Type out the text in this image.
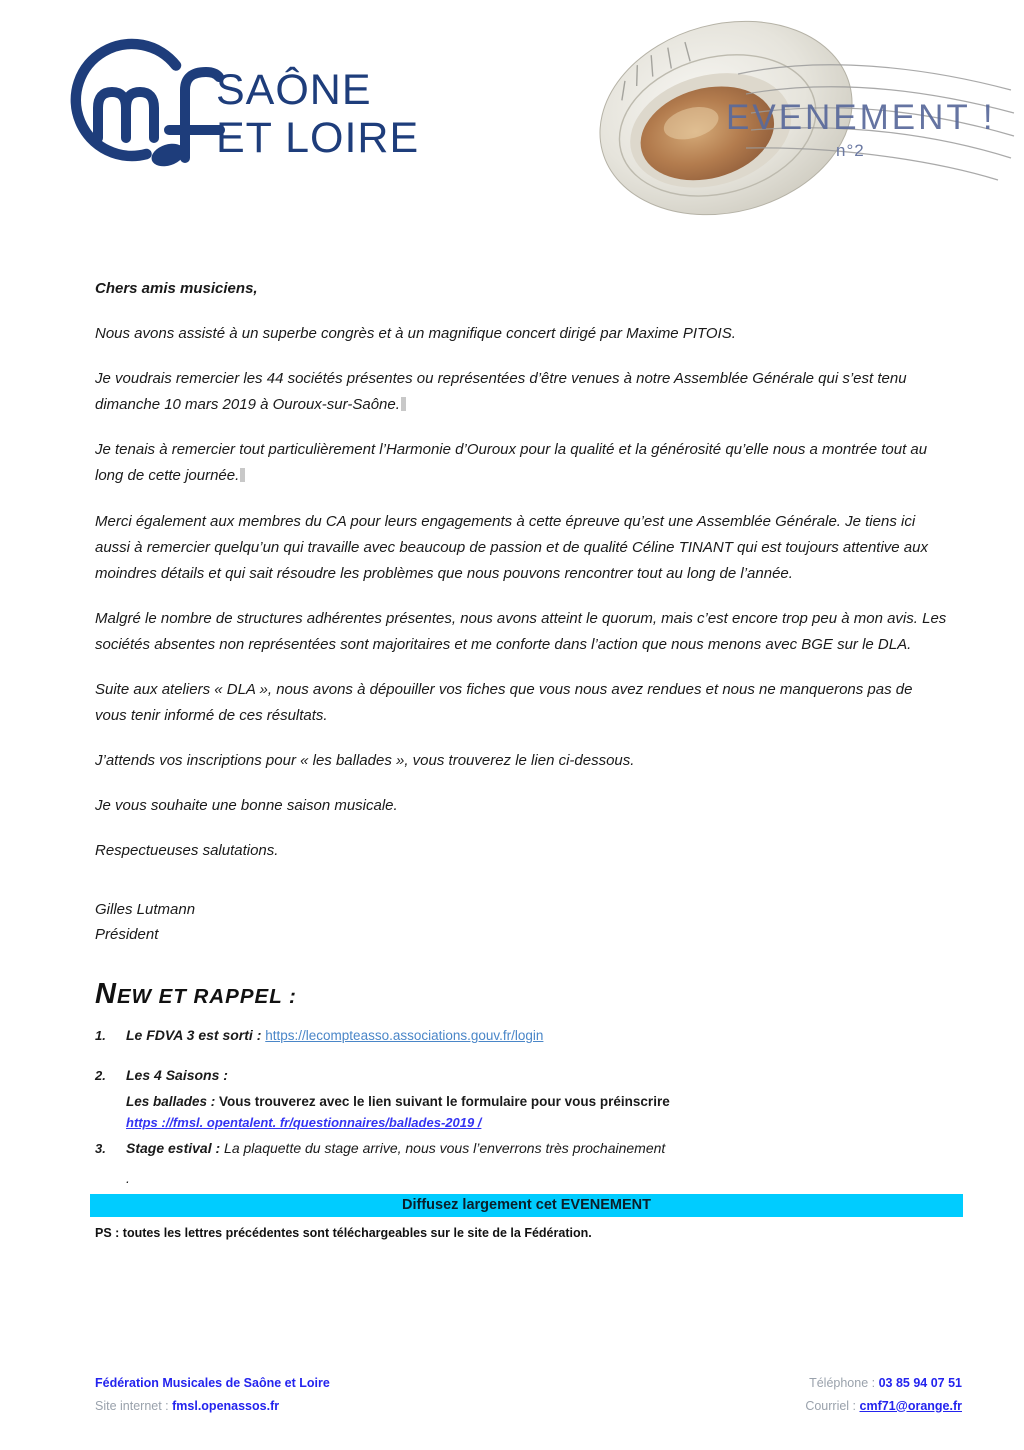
SAÔNE
ET LOIRE	EVENEMENT !
n°2

Chers amis musiciens,

Nous avons assisté à un superbe congrès et à un magnifique concert dirigé par Maxime PITOIS.

Je voudrais remercier les 44 sociétés présentes ou représentées d’être venues à notre Assemblée Générale qui s’est tenu dimanche 10 mars 2019 à Ouroux-sur-Saône.

Je tenais à remercier tout particulièrement l’Harmonie d’Ouroux pour la qualité et la générosité qu’elle nous a montrée tout au long de cette journée.

Merci également aux membres du CA pour leurs engagements à cette épreuve qu’est une Assemblée Générale. Je tiens ici aussi à remercier quelqu’un qui travaille avec beaucoup de passion et de qualité Céline TINANT qui est toujours attentive aux moindres détails et qui sait résoudre les problèmes que nous pouvons rencontrer tout au long de l’année.

Malgré le nombre de structures adhérentes présentes, nous avons atteint le quorum, mais c’est encore trop peu à mon avis. Les sociétés absentes non représentées sont majoritaires et me conforte dans l’action que nous menons avec BGE sur le DLA.

Suite aux ateliers « DLA », nous avons à dépouiller vos fiches que vous nous avez rendues et nous ne manquerons pas de vous tenir informé de ces résultats.

J’attends vos inscriptions pour « les ballades », vous trouverez le lien ci-dessous.

Je vous souhaite une bonne saison musicale.

Respectueuses salutations.

Gilles Lutmann
Président
NEW ET RAPPEL :
1.	Le FDVA 3 est sorti : https://lecompteasso.associations.gouv.fr/login
2.	Les 4 Saisons :
Les ballades : Vous trouverez avec le lien suivant le formulaire pour vous préinscrire
https ://fmsl. opentalent. fr/questionnaires/ballades-2019 /
3.	Stage estival : La plaquette du stage arrive, nous vous l’enverrons très prochainement
.
Diffusez largement cet EVENEMENT

PS : toutes les lettres précédentes sont téléchargeables sur le site de la Fédération.

Fédération Musicales de Saône et Loire
Site internet : fmsl.openassos.fr
Téléphone : 03 85 94 07 51
Courriel : cmf71@orange.fr
